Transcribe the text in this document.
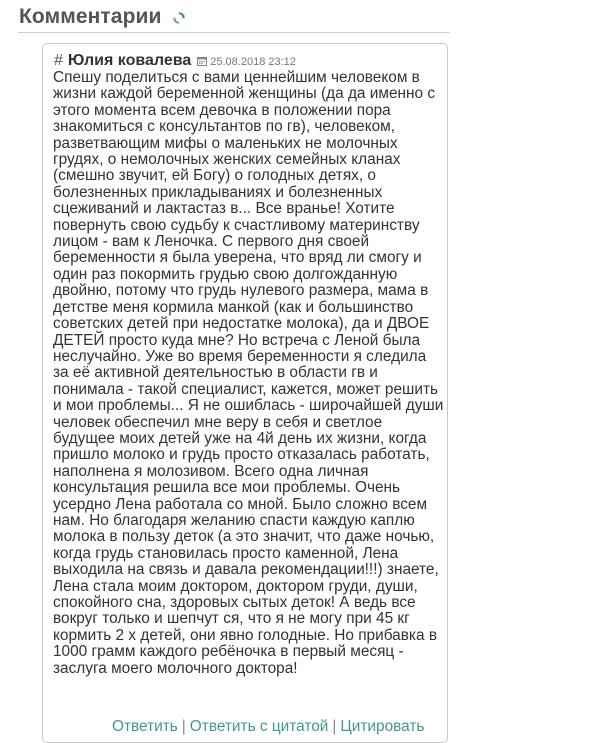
Комментарии
# Юлия ковалева 25.08.2018 23:12
Спешу поделиться с вами ценнейшим человеком в жизни каждой беременной женщины (да да именно с этого момента всем девочка в положении пора знакомиться с консультантов по гв), человеком, разветвающим мифы о маленьких не молочных грудях, о немолочных женских семейных кланах (смешно звучит, ей Богу) о голодных детях, о болезненных прикладываниях и болезненных сцеживаний и лактастаз в... Все вранье! Хотите повернуть свою судьбу к счастливому материнству лицом - вам к Леночка. С первого дня своей беременности я была уверена, что вряд ли смогу и один раз покормить грудью свою долгожданную двойню, потому что грудь нулевого размера, мама в детстве меня кормила манкой (как и большинство советских детей при недостатке молока), да и ДВОЕ ДЕТЕЙ просто куда мне? Но встреча с Леной была неслучайно. Уже во время беременности я следила за её активной деятельностью в области гв и понимала - такой специалист, кажется, может решить и мои проблемы... Я не ошиблась - широчайшей души человек обеспечил мне веру в себя и светлое будущее моих детей уже на 4й день их жизни, когда пришло молоко и грудь просто отказалась работать, наполнена я молозивом. Всего одна личная консультация решила все мои проблемы. Очень усердно Лена работала со мной. Было сложно всем нам. Но благодаря желанию спасти каждую каплю молока в пользу деток (а это значит, что даже ночью, когда грудь становилась просто каменной, Лена выходила на связь и давала рекомендации!!!) знаете, Лена стала моим доктором, доктором груди, души, спокойного сна, здоровых сытых деток! А ведь все вокруг только и шепчут ся, что я не могу при 45 кг кормить 2 х детей, они явно голодные. Но прибавка в 1000 грамм каждого ребёночка в первый месяц - заслуга моего молочного доктора!
Ответить | Ответить с цитатой | Цитировать
